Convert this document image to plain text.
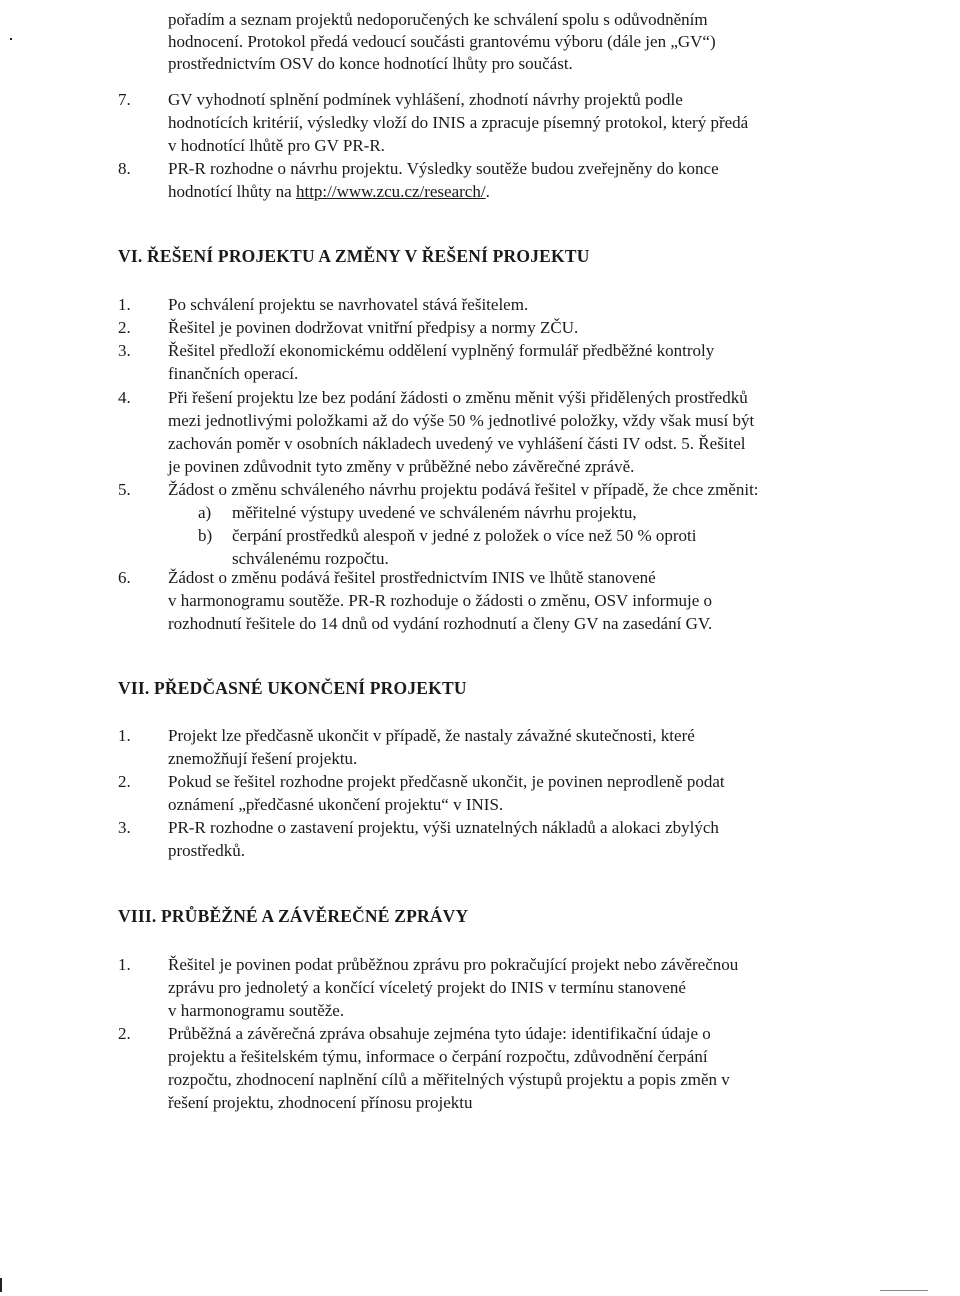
pořadím a seznam projektů nedoporučených ke schválení spolu s odůvodněním
hodnocení. Protokol předá vedoucí součásti grantovému výboru (dále jen „GV“)
prostřednictvím OSV do konce hodnotící lhůty pro součást.
7.	GV vyhodnotí splnění podmínek vyhlášení, zhodnotí návrhy projektů podle
hodnotících kritérií, výsledky vloží do INIS a zpracuje písemný protokol, který předá
v hodnotící lhůtě pro GV PR-R.
8.	PR-R rozhodne o návrhu projektu. Výsledky soutěže budou zveřejněny do konce
hodnotící lhůty na http://www.zcu.cz/research/.
VI. ŘEŠENÍ PROJEKTU A ZMĚNY V ŘEŠENÍ PROJEKTU
1.	Po schválení projektu se navrhovatel stává řešitelem.
2.	Řešitel je povinen dodržovat vnitřní předpisy a normy ZČU.
3.	Řešitel předloží ekonomickému oddělení vyplněný formulář předběžné kontroly
finančních operací.
4.	Při řešení projektu lze bez podání žádosti o změnu měnit výši přidělených prostředků
mezi jednotlivými položkami až do výše 50 % jednotlivé položky, vždy však musí být
zachován poměr v osobních nákladech uvedený ve vyhlášení části IV odst. 5. Řešitel
je povinen zdůvodnit tyto změny v průběžné nebo závěrečné zprávě.
5.	Žádost o změnu schváleného návrhu projektu podává řešitel v případě, že chce změnit:
a)	měřitelné výstupy uvedené ve schváleném návrhu projektu,
b)	čerpání prostředků alespoň v jedné z položek o více než 50 % oproti
schválenému rozpočtu.
6.	Žádost o změnu podává řešitel prostřednictvím INIS ve lhůtě stanovené
v harmonogramu soutěže. PR-R rozhoduje o žádosti o změnu, OSV informuje o
rozhodnutí řešitele do 14 dnů od vydání rozhodnutí a členy GV na zasedání GV.
VII. PŘEDČASNÉ UKONČENÍ PROJEKTU
1.	Projekt lze předčasně ukončit v případě, že nastaly závažné skutečnosti, které
znemožňují řešení projektu.
2.	Pokud se řešitel rozhodne projekt předčasně ukončit, je povinen neprodleně podat
oznámení „předčasné ukončení projektu“ v INIS.
3.	PR-R rozhodne o zastavení projektu, výši uznatelných nákladů a alokaci zbylých
prostředků.
VIII. PRŮBĚŽNÉ A ZÁVĚREČNÉ ZPRÁVY
1.	Řešitel je povinen podat průběžnou zprávu pro pokračující projekt nebo závěrečnou
zprávu pro jednoletý a končící víceletý projekt do INIS v termínu stanovené
v harmonogramu soutěže.
2.	Průběžná a závěrečná zpráva obsahuje zejména tyto údaje: identifikační údaje o
projektu a řešitelském týmu, informace o čerpání rozpočtu, zdůvodnění čerpání
rozpočtu, zhodnocení naplnění cílů a měřitelných výstupů projektu a popis změn v
řešení projektu, zhodnocení přínosu projektu
